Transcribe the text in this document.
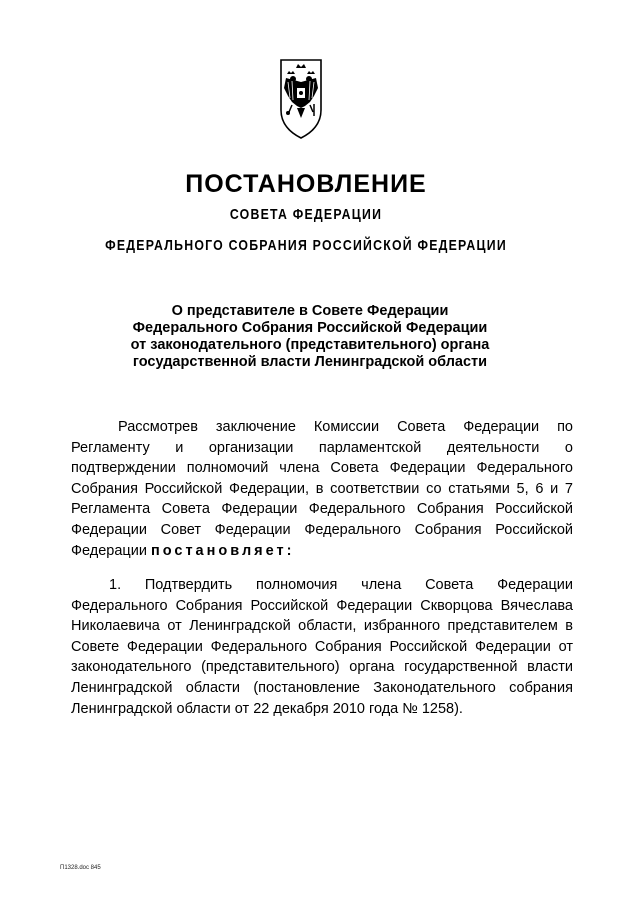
ПОСТАНОВЛЕНИЕ
СОВЕТА ФЕДЕРАЦИИ
ФЕДЕРАЛЬНОГО СОБРАНИЯ РОССИЙСКОЙ ФЕДЕРАЦИИ
О представителе в Совете Федерации
Федерального Собрания Российской Федерации
от законодательного (представительного) органа
государственной власти Ленинградской области
Рассмотрев заключение Комиссии Совета Федерации по Регламенту и организации парламентской деятельности о подтверждении полномочий члена Совета Федерации Федерального Собрания Российской Федерации, в соответствии со статьями 5, 6 и 7 Регламента Совета Федерации Федерального Собрания Российской Федерации Совет Федерации Федерального Собрания Российской Федерации постановляет:
1. Подтвердить полномочия члена Совета Федерации Федерального Собрания Российской Федерации Скворцова Вячеслава Николаевича от Ленинградской области, избранного представителем в Совете Федерации Федерального Собрания Российской Федерации от законодательного (представительного) органа государственной власти Ленинградской области (постановление Законодательного собрания Ленинградской области от 22 декабря 2010 года № 1258).
П1328.doc 845
